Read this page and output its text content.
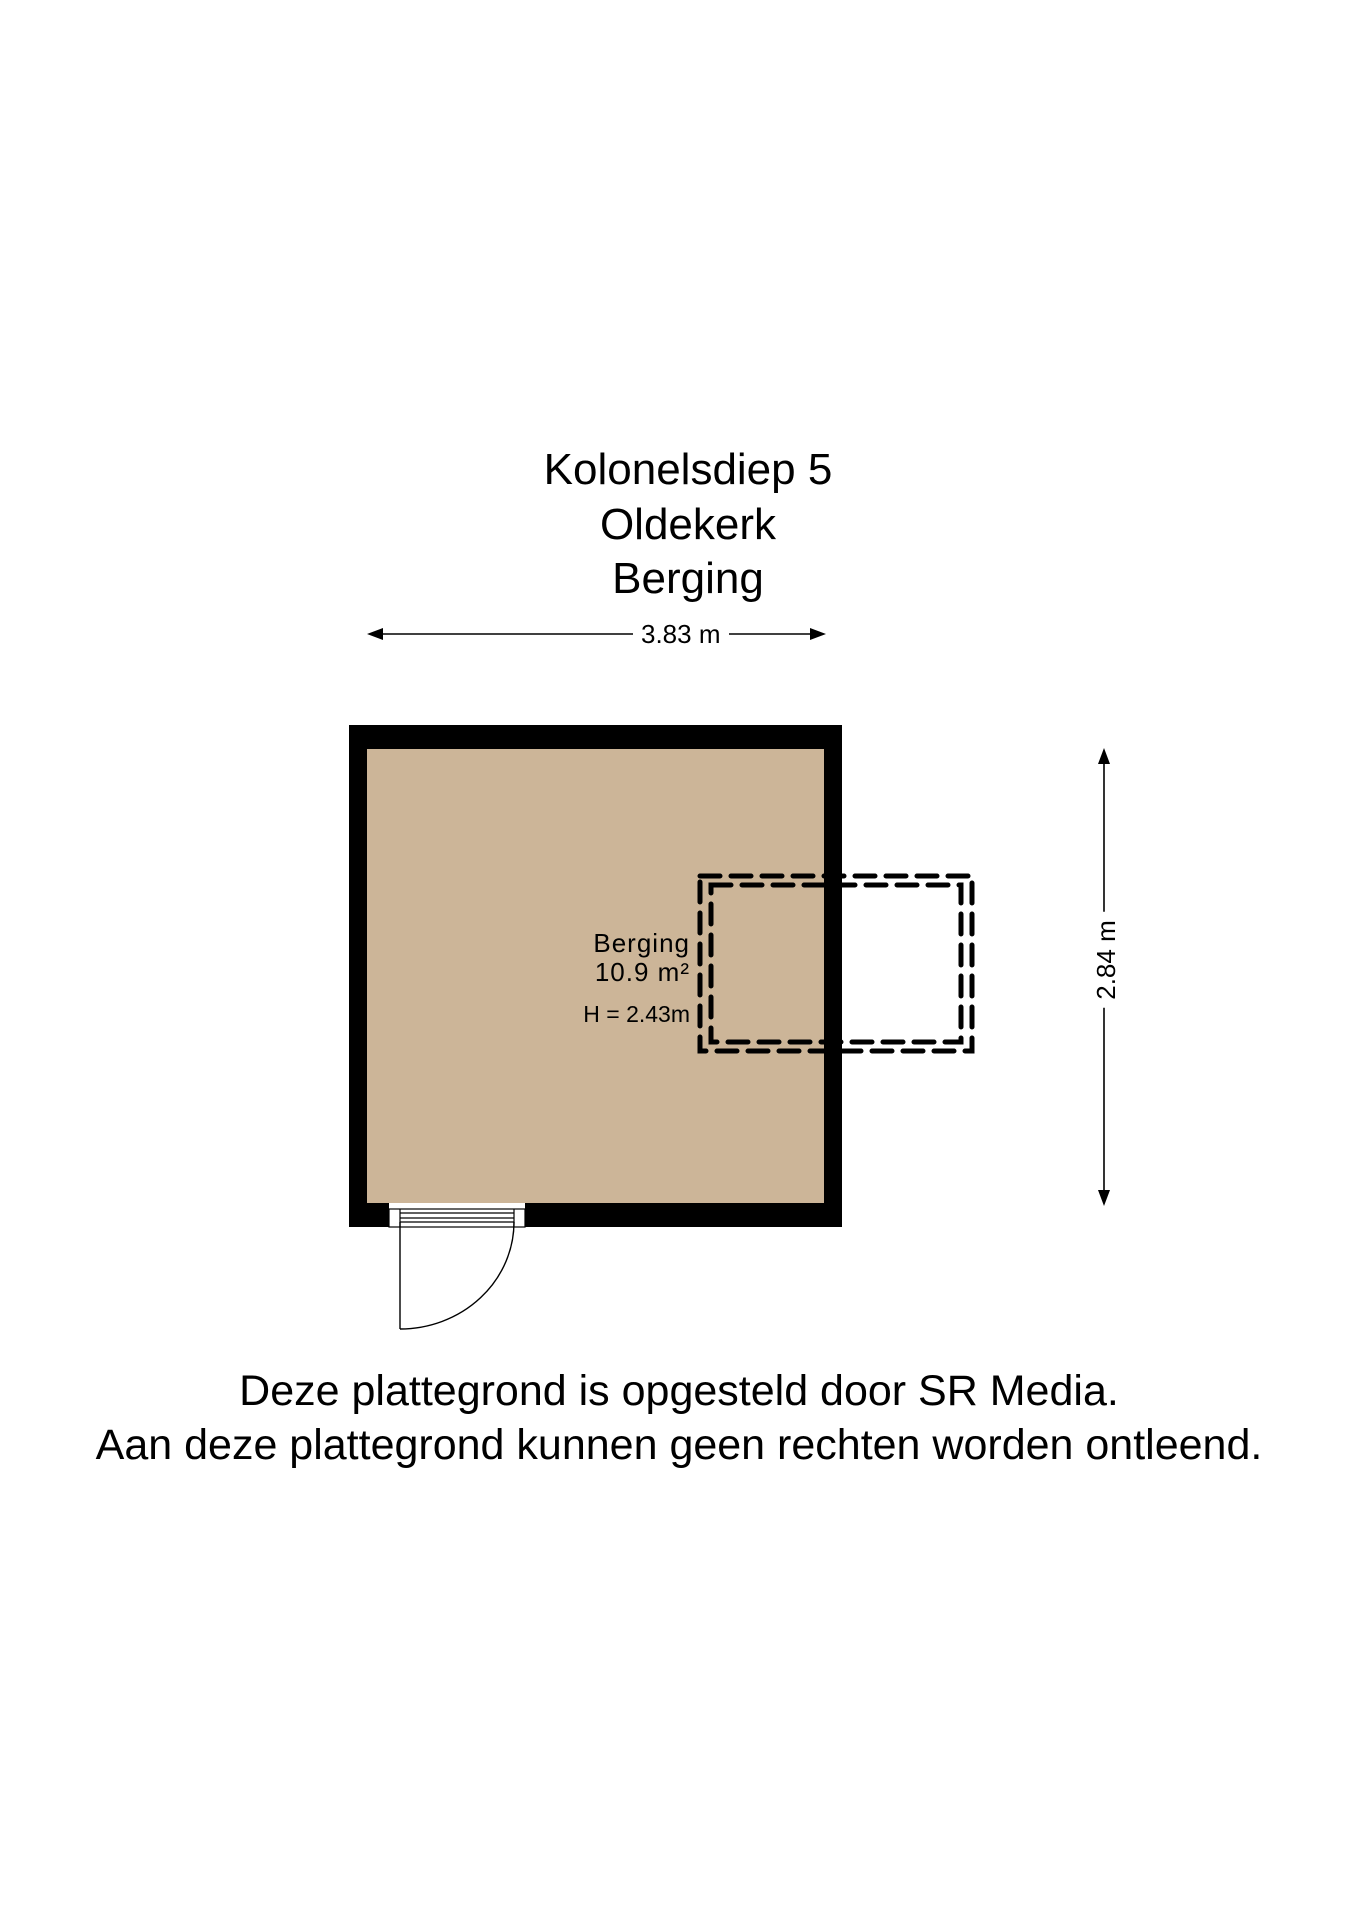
Kolonelsdiep 5
Oldekerk
Berging
3.83 m
2.84 m
Berging
10.9 m²
H = 2.43m
Deze plattegrond is opgesteld door SR Media.
Aan deze plattegrond kunnen geen rechten worden ontleend.
